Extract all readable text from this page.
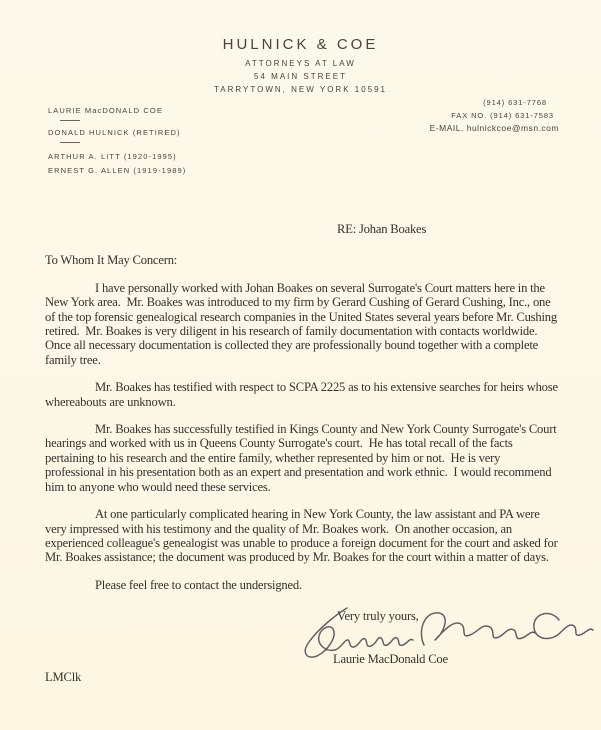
HULNICK & COE
ATTORNEYS AT LAW
54 MAIN STREET
TARRYTOWN, NEW YORK 10591
LAURIE MacDONALD COE
DONALD HULNICK (RETIRED)
ARTHUR A. LITT (1920-1995)
ERNEST G. ALLEN (1919-1989)
(914) 631-7768
FAX NO. (914) 631-7583
E-MAIL. hulnickcoe@msn.com
RE: Johan Boakes
To Whom It May Concern:

I have personally worked with Johan Boakes on several Surrogate's Court matters here in the New York area.  Mr. Boakes was introduced to my firm by Gerard Cushing of Gerard Cushing, Inc., one of the top forensic genealogical research companies in the United States several years before Mr. Cushing retired.  Mr. Boakes is very diligent in his research of family documentation with contacts worldwide.  Once all necessary documentation is collected they are professionally bound together with a complete family tree.

Mr. Boakes has testified with respect to SCPA 2225 as to his extensive searches for heirs whose whereabouts are unknown.

Mr. Boakes has successfully testified in Kings County and New York County Surrogate's Court hearings and worked with us in Queens County Surrogate's court.  He has total recall of the facts pertaining to his research and the entire family, whether represented by him or not.  He is very professional in his presentation both as an expert and presentation and work ethnic.  I would recommend him to anyone who would need these services.

At one particularly complicated hearing in New York County, the law assistant and PA were very impressed with his testimony and the quality of Mr. Boakes work.  On another occasion, an experienced colleague's genealogist was unable to produce a foreign document for the court and asked for Mr. Boakes assistance; the document was produced by Mr. Boakes for the court within a matter of days.

Please feel free to contact the undersigned.

Very truly yours,
Laurie MacDonald Coe
LMClk
